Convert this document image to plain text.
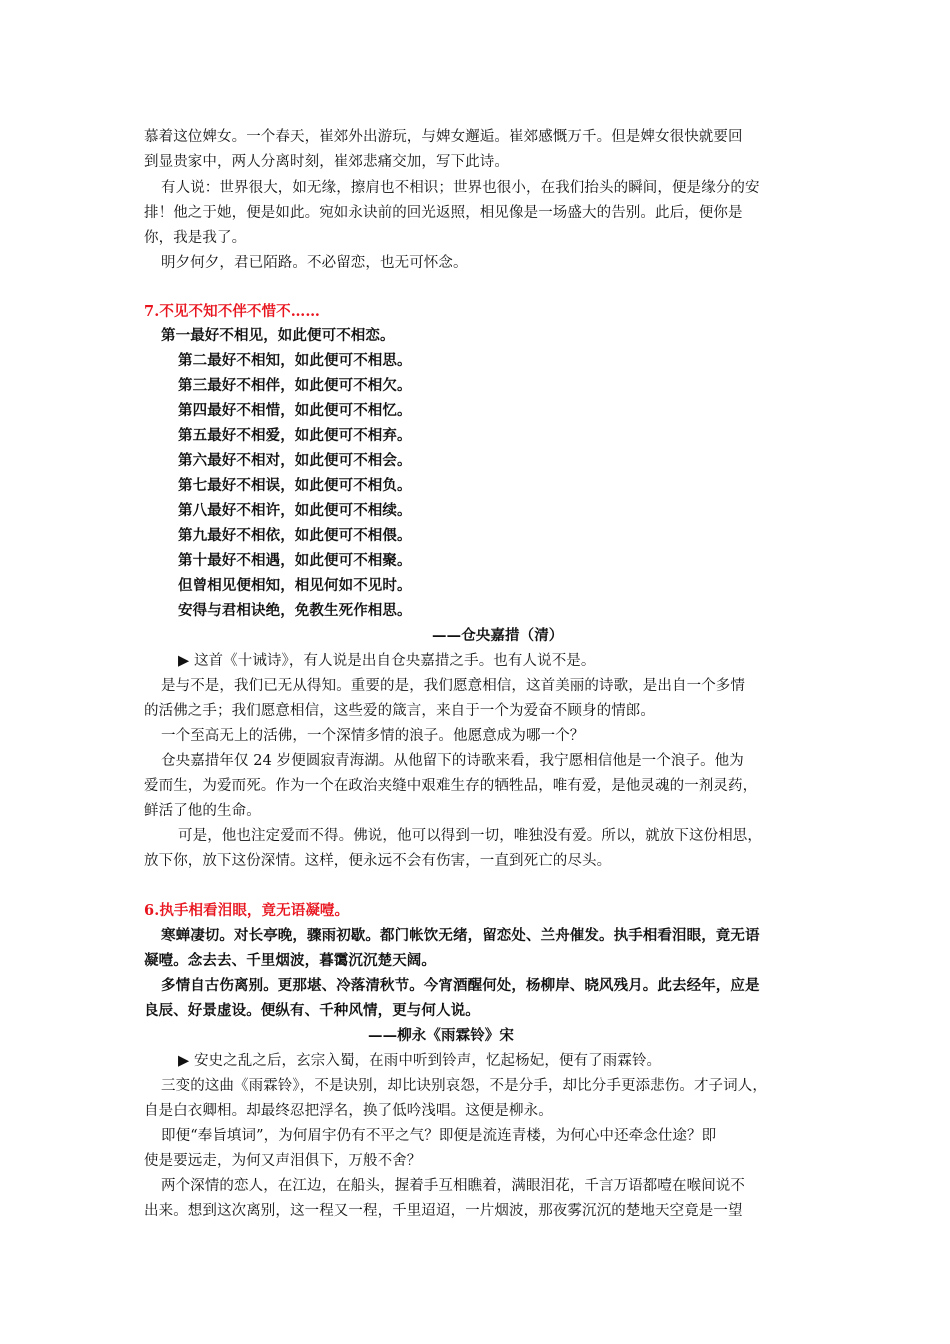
慕着这位婢女。一个春天，崔郊外出游玩，与婢女邂逅。崔郊感慨万千。但是婢女很快就要回
到显贵家中，两人分离时刻，崔郊悲痛交加，写下此诗。
有人说：世界很大，如无缘，擦肩也不相识；世界也很小，在我们抬头的瞬间，便是缘分的安
排！他之于她，便是如此。宛如永诀前的回光返照，相见像是一场盛大的告别。此后，便你是
你，我是我了。
明夕何夕，君已陌路。不必留恋，也无可怀念。
7.不见不知不伴不惜不……
第一最好不相见，如此便可不相恋。
第二最好不相知，如此便可不相思。
第三最好不相伴，如此便可不相欠。
第四最好不相惜，如此便可不相忆。
第五最好不相爱，如此便可不相弃。
第六最好不相对，如此便可不相会。
第七最好不相误，如此便可不相负。
第八最好不相许，如此便可不相续。
第九最好不相依，如此便可不相偎。
第十最好不相遇，如此便可不相聚。
但曾相见便相知，相见何如不见时。
安得与君相诀绝，免教生死作相思。
——仓央嘉措（清）
▶ 这首《十诫诗》，有人说是出自仓央嘉措之手。也有人说不是。
是与不是，我们已无从得知。重要的是，我们愿意相信，这首美丽的诗歌，是出自一个多情
的活佛之手；我们愿意相信，这些爱的箴言，来自于一个为爱奋不顾身的情郎。
一个至高无上的活佛，一个深情多情的浪子。他愿意成为哪一个？
仓央嘉措年仅 24 岁便圆寂青海湖。从他留下的诗歌来看，我宁愿相信他是一个浪子。他为
爱而生，为爱而死。作为一个在政治夹缝中艰难生存的牺牲品，唯有爱，是他灵魂的一剂灵药，
鲜活了他的生命。
可是，他也注定爱而不得。佛说，他可以得到一切，唯独没有爱。所以，就放下这份相思，
放下你，放下这份深情。这样，便永远不会有伤害，一直到死亡的尽头。
6.执手相看泪眼，竟无语凝噎。
寒蝉凄切。对长亭晚，骤雨初歇。都门帐饮无绪，留恋处、兰舟催发。执手相看泪眼，竟无语
凝噎。念去去、千里烟波，暮霭沉沉楚天阔。
多情自古伤离别。更那堪、冷落清秋节。今宵酒醒何处，杨柳岸、晓风残月。此去经年，应是
良辰、好景虚设。便纵有、千种风情，更与何人说。
——柳永《雨霖铃》宋
▶ 安史之乱之后，玄宗入蜀，在雨中听到铃声，忆起杨妃，便有了雨霖铃。
三变的这曲《雨霖铃》，不是诀别，却比诀别哀怨，不是分手，却比分手更添悲伤。才子词人，
自是白衣卿相。却最终忍把浮名，换了低吟浅唱。这便是柳永。
即便“奉旨填词”，为何眉宇仍有不平之气？即便是流连青楼，为何心中还牵念仕途？即
使是要远走，为何又声泪俱下，万般不舍？
两个深情的恋人，在江边，在船头，握着手互相瞧着，满眼泪花，千言万语都噎在喉间说不
出来。想到这次离别，这一程又一程，千里迢迢，一片烟波，那夜雾沉沉的楚地天空竟是一望
